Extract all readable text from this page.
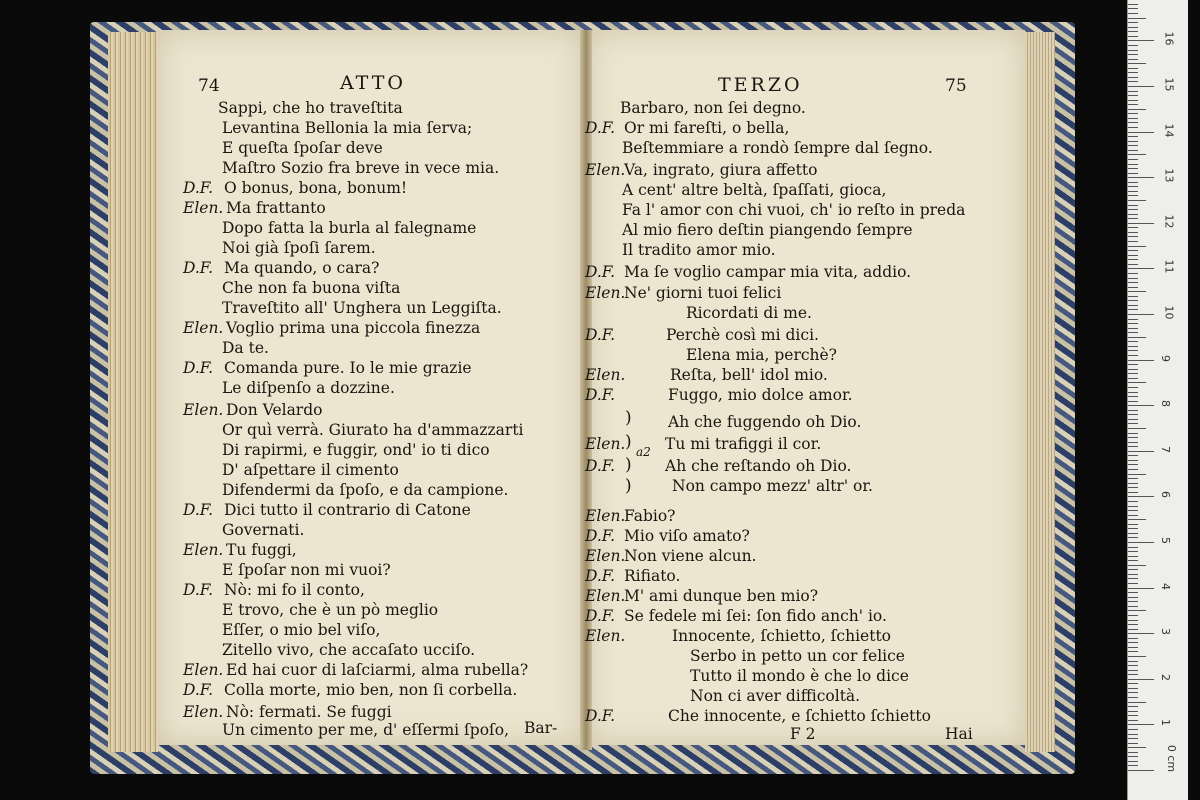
74	ATTO	TERZO	75
Bar-	F 2	Hai
)
)
)
)
a2
Sappi, che ho traveſtita
Levantina Bellonia la mia ſerva;
E queſta ſpoſar deve
Maſtro Sozio fra breve in vece mia.
D.F. O bonus, bona, bonum!
Elen. Ma frattanto
Dopo fatta la burla al falegname
Noi già ſpoſi ſarem.
D.F. Ma quando, o cara?
Che non fa buona viſta
Traveſtito all' Unghera un Leggiſta.
Elen. Voglio prima una piccola finezza
Da te.
D.F. Comanda pure. Io le mie grazie
Le diſpenſo a dozzine.
Elen. Don Velardo
Or quì verrà. Giurato ha d'ammazzarti
Di rapirmi, e fuggir, ond' io ti dico
D' aſpettare il cimento
Difendermi da ſpoſo, e da campione.
D.F. Dici tutto il contrario di Catone
Governati.
Elen. Tu fuggi,
E ſpoſar non mi vuoi?
D.F. Nò: mi fo il conto,
E trovo, che è un pò meglio
Eſſer, o mio bel viſo,
Zitello vivo, che accaſato ucciſo.
Elen. Ed hai cuor di laſciarmi, alma rubella?
D.F. Colla morte, mio ben, non ſi corbella.
Elen. Nò: fermati. Se fuggi
Un cimento per me, d' eſſermi ſpoſo,
Barbaro, non ſei degno.
D.F. Or mi fareſti, o bella,
Beſtemmiare a rondò ſempre dal ſegno.
Elen.
Va, ingrato, giura affetto
A cent' altre beltà, ſpaſſati, gioca,
Fa l' amor con chi vuoi, ch' io reſto in preda
Al mio fiero deſtin piangendo ſempre
Il tradito amor mio.
D.F. Ma ſe voglio campar mia vita, addio.
Elen.
Ne' giorni tuoi felici
Ricordati di me.
D.F.	Perchè così mi dici.
Elena mia, perchè?
Elen.	Reſta, bell' idol mio.
D.F.	Fuggo, mio dolce amor.
Ah che fuggendo oh Dio.
Elen.	Tu mi trafiggi il cor.
D.F.	Ah che reſtando oh Dio.
Non campo mezz' altr' or.
Elen.
Fabio?
D.F. Mio viſo amato?
Elen.
Non viene alcun.
D.F. Rifiato.
Elen.
M' ami dunque ben mio?
D.F. Se fedele mi ſei: ſon fido anch' io.
Elen.	Innocente, ſchietto, ſchietto
Serbo in petto un cor felice
Tutto il mondo è che lo dice
Non ci aver difficoltà.
D.F.	Che innocente, e ſchietto ſchietto
0 cm
1
2
3
4
5
6
7
8
9
10
11
12
13
14
15
16
